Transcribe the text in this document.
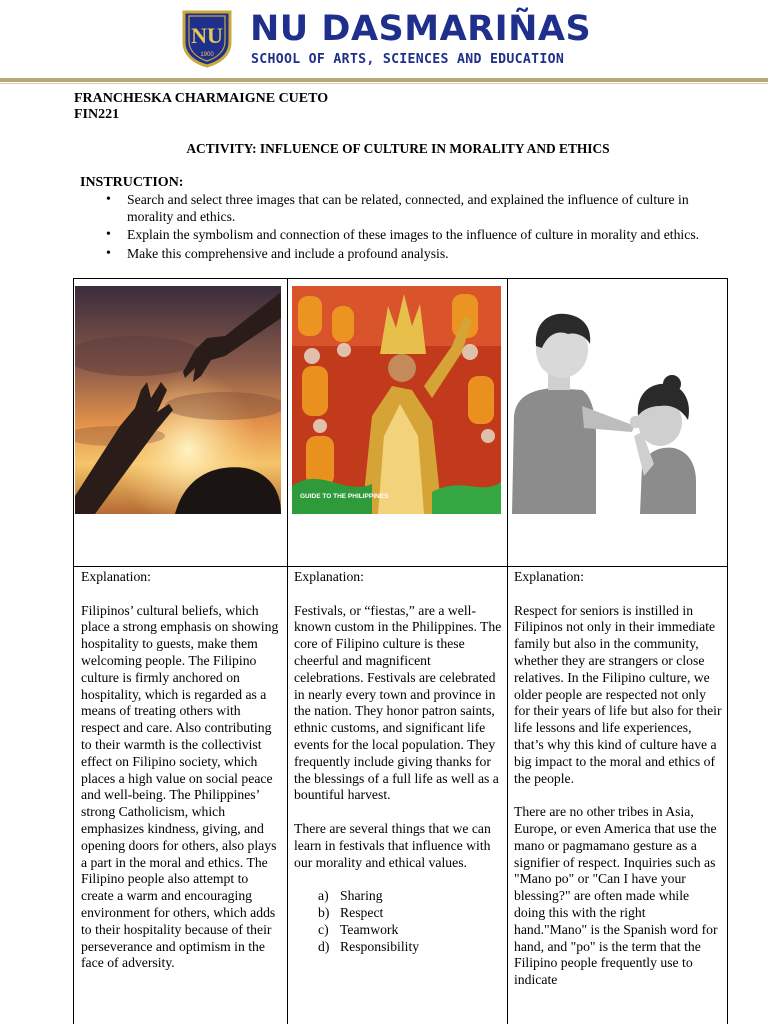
NU
1900
NU DASMARIÑAS
SCHOOL OF ARTS, SCIENCES AND EDUCATION
FRANCHESKA CHARMAIGNE CUETO
FIN221
ACTIVITY: INFLUENCE OF CULTURE IN MORALITY AND ETHICS
INSTRUCTION:
• Search and select three images that can be related, connected, and explained the influence of culture in morality and ethics.
• Explain the symbolism and connection of these images to the influence of culture in morality and ethics.
• Make this comprehensive and include a profound analysis.
GUIDE TO THE PHILIPPINES

Explanation:

Filipinos’ cultural beliefs, which place a strong emphasis on showing hospitality to guests, make them welcoming people. The Filipino culture is firmly anchored on hospitality, which is regarded as a means of treating others with respect and care. Also contributing to their warmth is the collectivist effect on Filipino society, which places a high value on social peace and well-being. The Philippines’ strong Catholicism, which emphasizes kindness, giving, and opening doors for others, also plays a part in the moral and ethics. The Filipino people also attempt to create a warm and encouraging environment for others, which adds to their hospitality because of their perseverance and optimism in the face of adversity.

Explanation:

Festivals, or “fiestas,” are a well-known custom in the Philippines. The core of Filipino culture is these cheerful and magnificent celebrations. Festivals are celebrated in nearly every town and province in the nation. They honor patron saints, ethnic customs, and significant life events for the local population. They frequently include giving thanks for the blessings of a full life as well as a bountiful harvest.

There are several things that we can learn in festivals that influence with our morality and ethical values.

a) Sharing
b) Respect
c) Teamwork
d) Responsibility

Explanation:

Respect for seniors is instilled in Filipinos not only in their immediate family but also in the community, whether they are strangers or close relatives. In the Filipino culture, we older people are respected not only for their years of life but also for their life lessons and life experiences, that’s why this kind of culture have a big impact to the moral and ethics of the people.

There are no other tribes in Asia, Europe, or even America that use the mano or pagmamano gesture as a signifier of respect. Inquiries such as "Mano po" or "Can I have your blessing?" are often made while doing this with the right hand."Mano" is the Spanish word for hand, and "po" is the term that the Filipino people frequently use to indicate
